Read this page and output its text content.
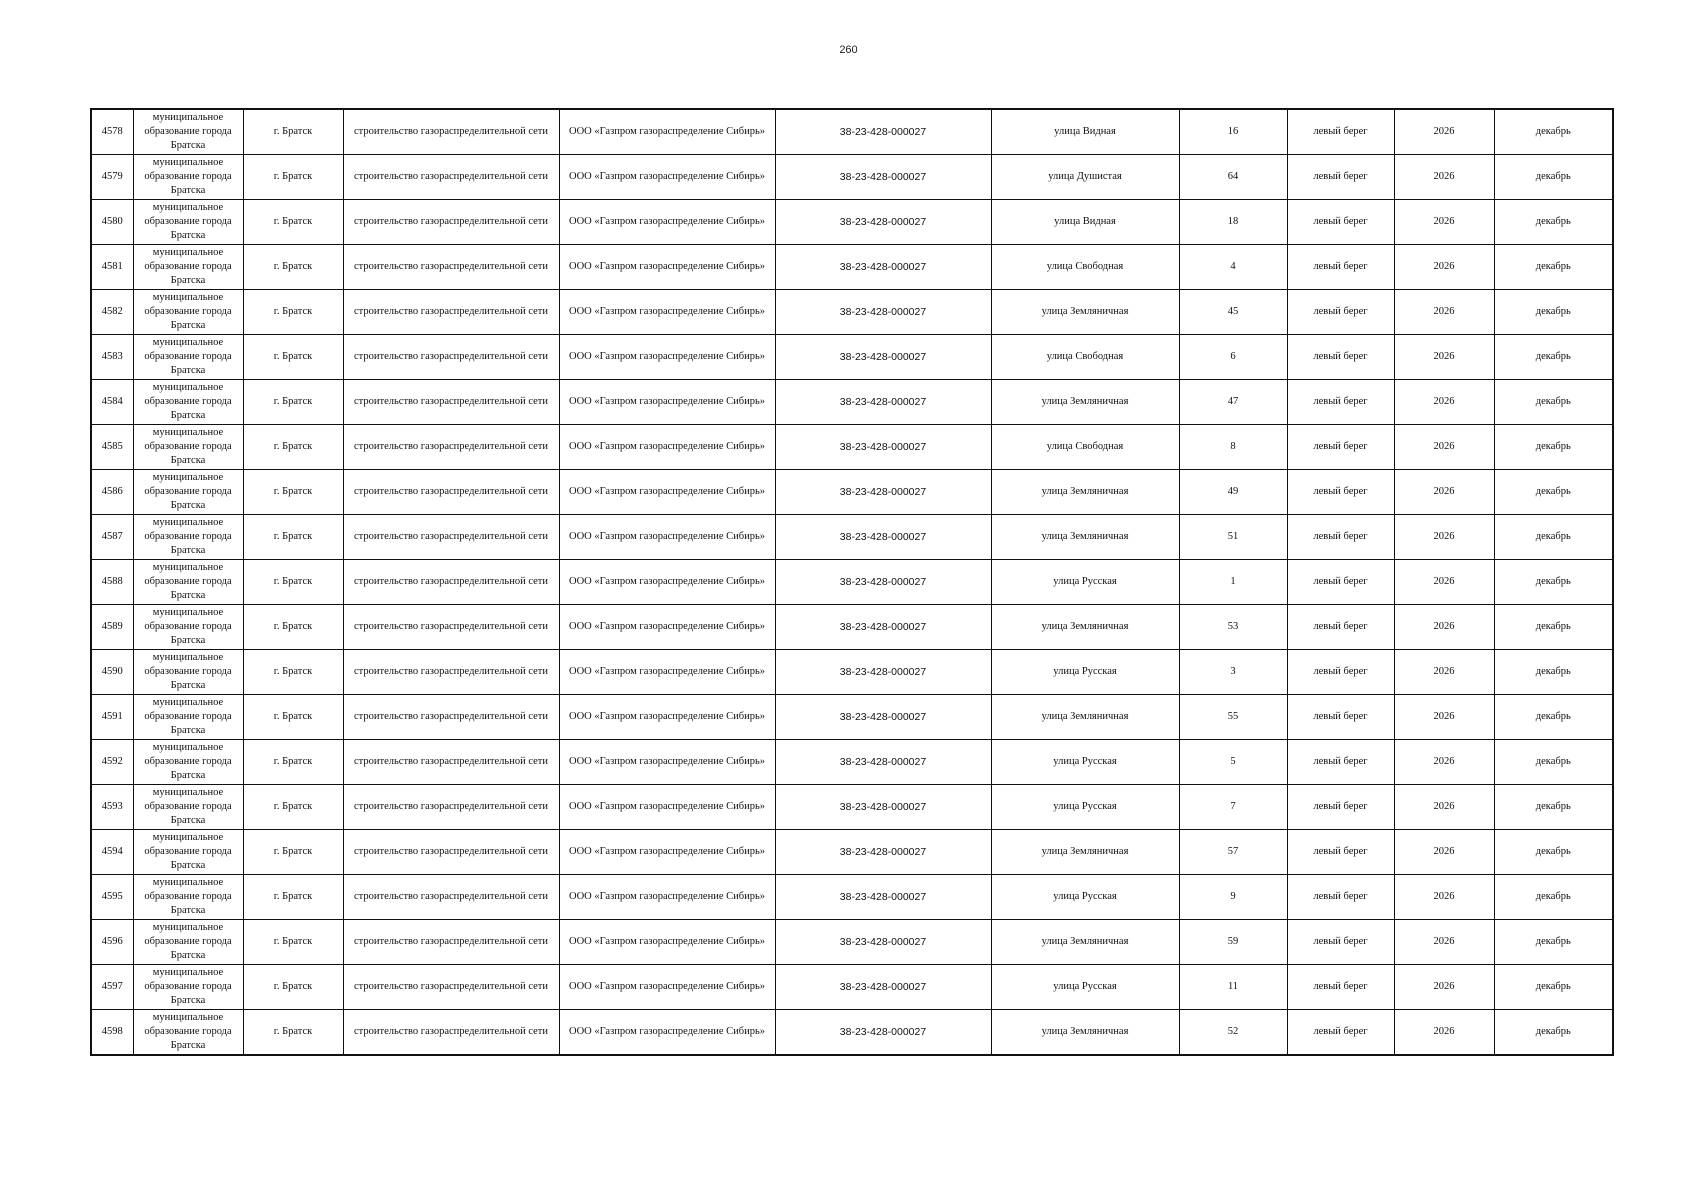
260
4578	муниципальное образование города Братска	г. Братск	строительство газораспределительной сети	ООО «Газпром газораспределение Сибирь»	38-23-428-000027	улица Видная	16	левый берег	2026	декабрь
4579	муниципальное образование города Братска	г. Братск	строительство газораспределительной сети	ООО «Газпром газораспределение Сибирь»	38-23-428-000027	улица Душистая	64	левый берег	2026	декабрь
4580	муниципальное образование города Братска	г. Братск	строительство газораспределительной сети	ООО «Газпром газораспределение Сибирь»	38-23-428-000027	улица Видная	18	левый берег	2026	декабрь
4581	муниципальное образование города Братска	г. Братск	строительство газораспределительной сети	ООО «Газпром газораспределение Сибирь»	38-23-428-000027	улица Свободная	4	левый берег	2026	декабрь
4582	муниципальное образование города Братска	г. Братск	строительство газораспределительной сети	ООО «Газпром газораспределение Сибирь»	38-23-428-000027	улица Земляничная	45	левый берег	2026	декабрь
4583	муниципальное образование города Братска	г. Братск	строительство газораспределительной сети	ООО «Газпром газораспределение Сибирь»	38-23-428-000027	улица Свободная	6	левый берег	2026	декабрь
4584	муниципальное образование города Братска	г. Братск	строительство газораспределительной сети	ООО «Газпром газораспределение Сибирь»	38-23-428-000027	улица Земляничная	47	левый берег	2026	декабрь
4585	муниципальное образование города Братска	г. Братск	строительство газораспределительной сети	ООО «Газпром газораспределение Сибирь»	38-23-428-000027	улица Свободная	8	левый берег	2026	декабрь
4586	муниципальное образование города Братска	г. Братск	строительство газораспределительной сети	ООО «Газпром газораспределение Сибирь»	38-23-428-000027	улица Земляничная	49	левый берег	2026	декабрь
4587	муниципальное образование города Братска	г. Братск	строительство газораспределительной сети	ООО «Газпром газораспределение Сибирь»	38-23-428-000027	улица Земляничная	51	левый берег	2026	декабрь
4588	муниципальное образование города Братска	г. Братск	строительство газораспределительной сети	ООО «Газпром газораспределение Сибирь»	38-23-428-000027	улица Русская	1	левый берег	2026	декабрь
4589	муниципальное образование города Братска	г. Братск	строительство газораспределительной сети	ООО «Газпром газораспределение Сибирь»	38-23-428-000027	улица Земляничная	53	левый берег	2026	декабрь
4590	муниципальное образование города Братска	г. Братск	строительство газораспределительной сети	ООО «Газпром газораспределение Сибирь»	38-23-428-000027	улица Русская	3	левый берег	2026	декабрь
4591	муниципальное образование города Братска	г. Братск	строительство газораспределительной сети	ООО «Газпром газораспределение Сибирь»	38-23-428-000027	улица Земляничная	55	левый берег	2026	декабрь
4592	муниципальное образование города Братска	г. Братск	строительство газораспределительной сети	ООО «Газпром газораспределение Сибирь»	38-23-428-000027	улица Русская	5	левый берег	2026	декабрь
4593	муниципальное образование города Братска	г. Братск	строительство газораспределительной сети	ООО «Газпром газораспределение Сибирь»	38-23-428-000027	улица Русская	7	левый берег	2026	декабрь
4594	муниципальное образование города Братска	г. Братск	строительство газораспределительной сети	ООО «Газпром газораспределение Сибирь»	38-23-428-000027	улица Земляничная	57	левый берег	2026	декабрь
4595	муниципальное образование города Братска	г. Братск	строительство газораспределительной сети	ООО «Газпром газораспределение Сибирь»	38-23-428-000027	улица Русская	9	левый берег	2026	декабрь
4596	муниципальное образование города Братска	г. Братск	строительство газораспределительной сети	ООО «Газпром газораспределение Сибирь»	38-23-428-000027	улица Земляничная	59	левый берег	2026	декабрь
4597	муниципальное образование города Братска	г. Братск	строительство газораспределительной сети	ООО «Газпром газораспределение Сибирь»	38-23-428-000027	улица Русская	11	левый берег	2026	декабрь
4598	муниципальное образование города Братска	г. Братск	строительство газораспределительной сети	ООО «Газпром газораспределение Сибирь»	38-23-428-000027	улица Земляничная	52	левый берег	2026	декабрь
